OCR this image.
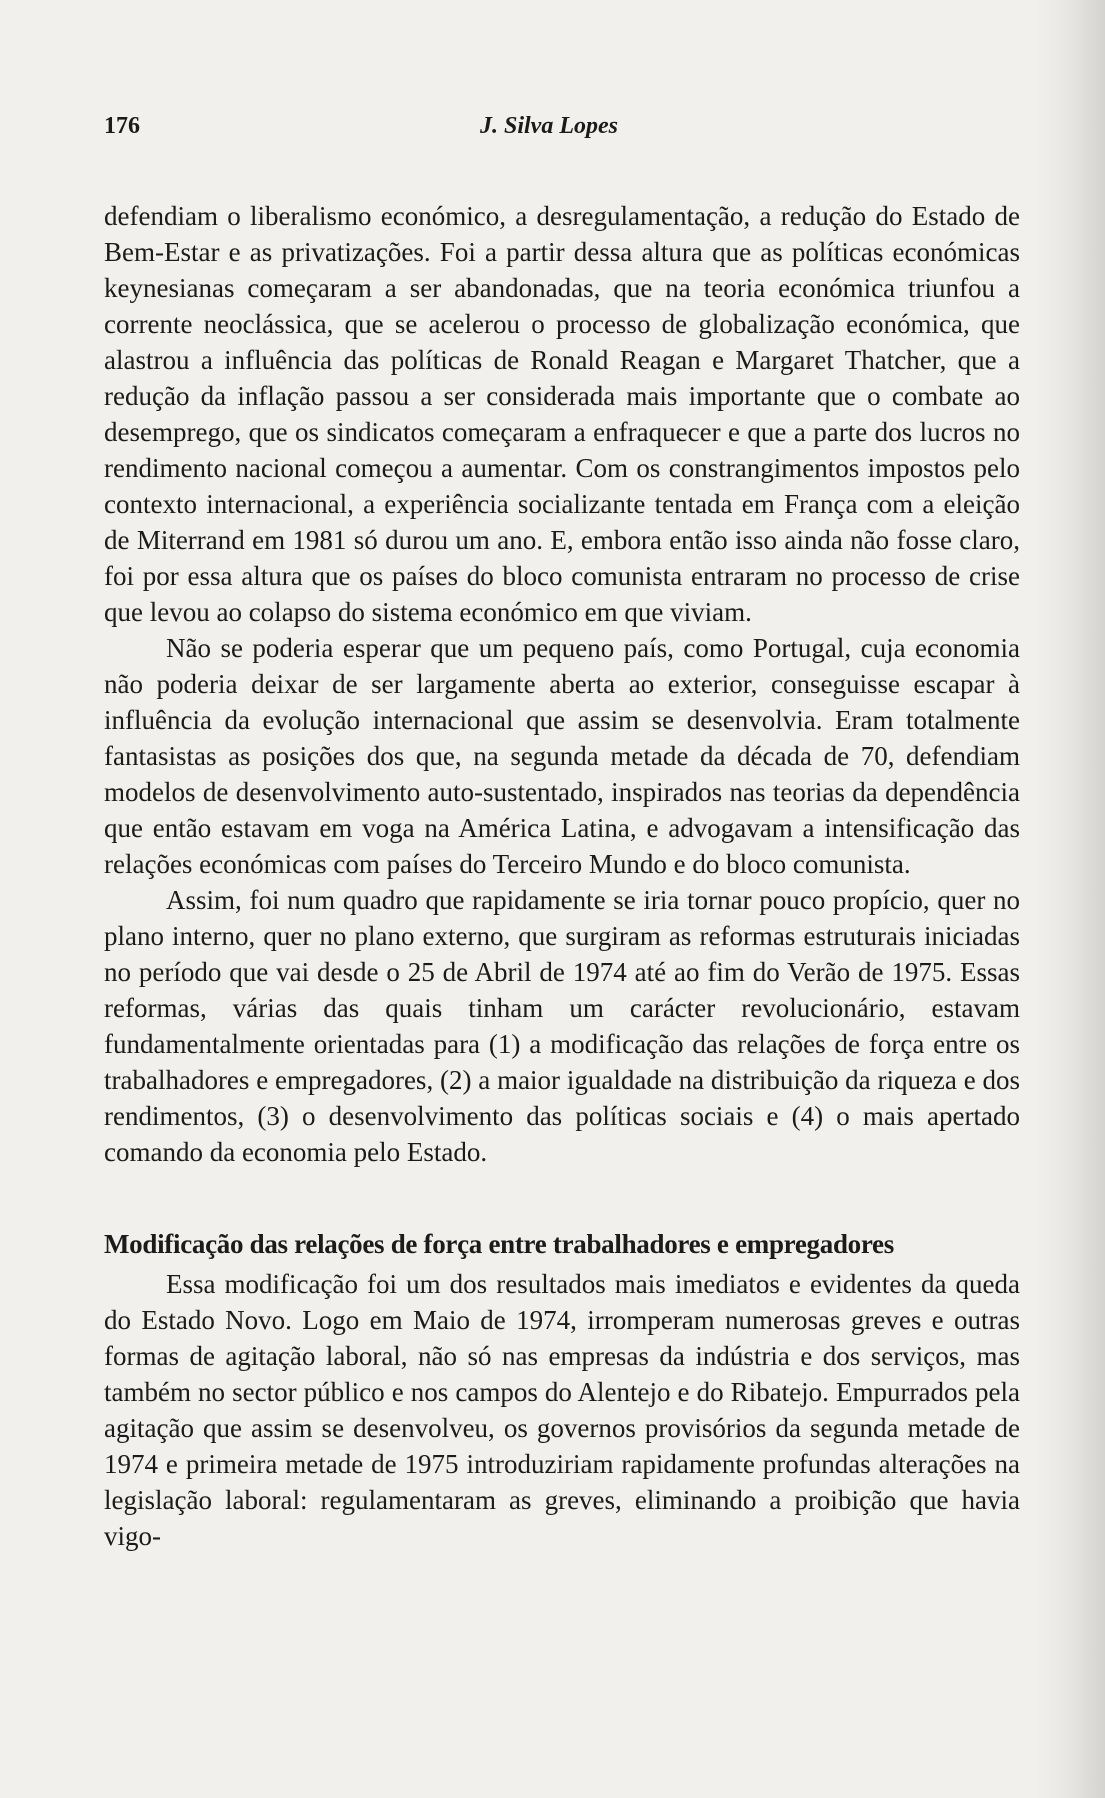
176	J. Silva Lopes

defendiam o liberalismo económico, a desregulamentação, a redução do Estado de Bem-Estar e as privatizações. Foi a partir dessa altura que as políticas económicas keynesianas começaram a ser abandonadas, que na teoria económica triunfou a corrente neoclássica, que se acelerou o processo de globalização económica, que alastrou a influência das políticas de Ronald Reagan e Margaret Thatcher, que a redução da inflação passou a ser considerada mais importante que o combate ao desemprego, que os sindicatos começaram a enfraquecer e que a parte dos lucros no rendimento nacional começou a aumentar. Com os constrangimentos impostos pelo contexto internacional, a experiência socializante tentada em França com a eleição de Miterrand em 1981 só durou um ano. E, embora então isso ainda não fosse claro, foi por essa altura que os países do bloco comunista entraram no processo de crise que levou ao colapso do sistema económico em que viviam.

Não se poderia esperar que um pequeno país, como Portugal, cuja economia não poderia deixar de ser largamente aberta ao exterior, conseguisse escapar à influência da evolução internacional que assim se desenvolvia. Eram totalmente fantasistas as posições dos que, na segunda metade da década de 70, defendiam modelos de desenvolvimento auto-sustentado, inspirados nas teorias da dependência que então estavam em voga na América Latina, e advogavam a intensificação das relações económicas com países do Terceiro Mundo e do bloco comunista.

Assim, foi num quadro que rapidamente se iria tornar pouco propício, quer no plano interno, quer no plano externo, que surgiram as reformas estruturais iniciadas no período que vai desde o 25 de Abril de 1974 até ao fim do Verão de 1975. Essas reformas, várias das quais tinham um carácter revolucionário, estavam fundamentalmente orientadas para (1) a modificação das relações de força entre os trabalhadores e empregadores, (2) a maior igualdade na distribuição da riqueza e dos rendimentos, (3) o desenvolvimento das políticas sociais e (4) o mais apertado comando da economia pelo Estado.

Modificação das relações de força entre trabalhadores e empregadores

Essa modificação foi um dos resultados mais imediatos e evidentes da queda do Estado Novo. Logo em Maio de 1974, irromperam numerosas greves e outras formas de agitação laboral, não só nas empresas da indústria e dos serviços, mas também no sector público e nos campos do Alentejo e do Ribatejo. Empurrados pela agitação que assim se desenvolveu, os governos provisórios da segunda metade de 1974 e primeira metade de 1975 introduziriam rapidamente profundas alterações na legislação laboral: regulamentaram as greves, eliminando a proibição que havia vigo-
